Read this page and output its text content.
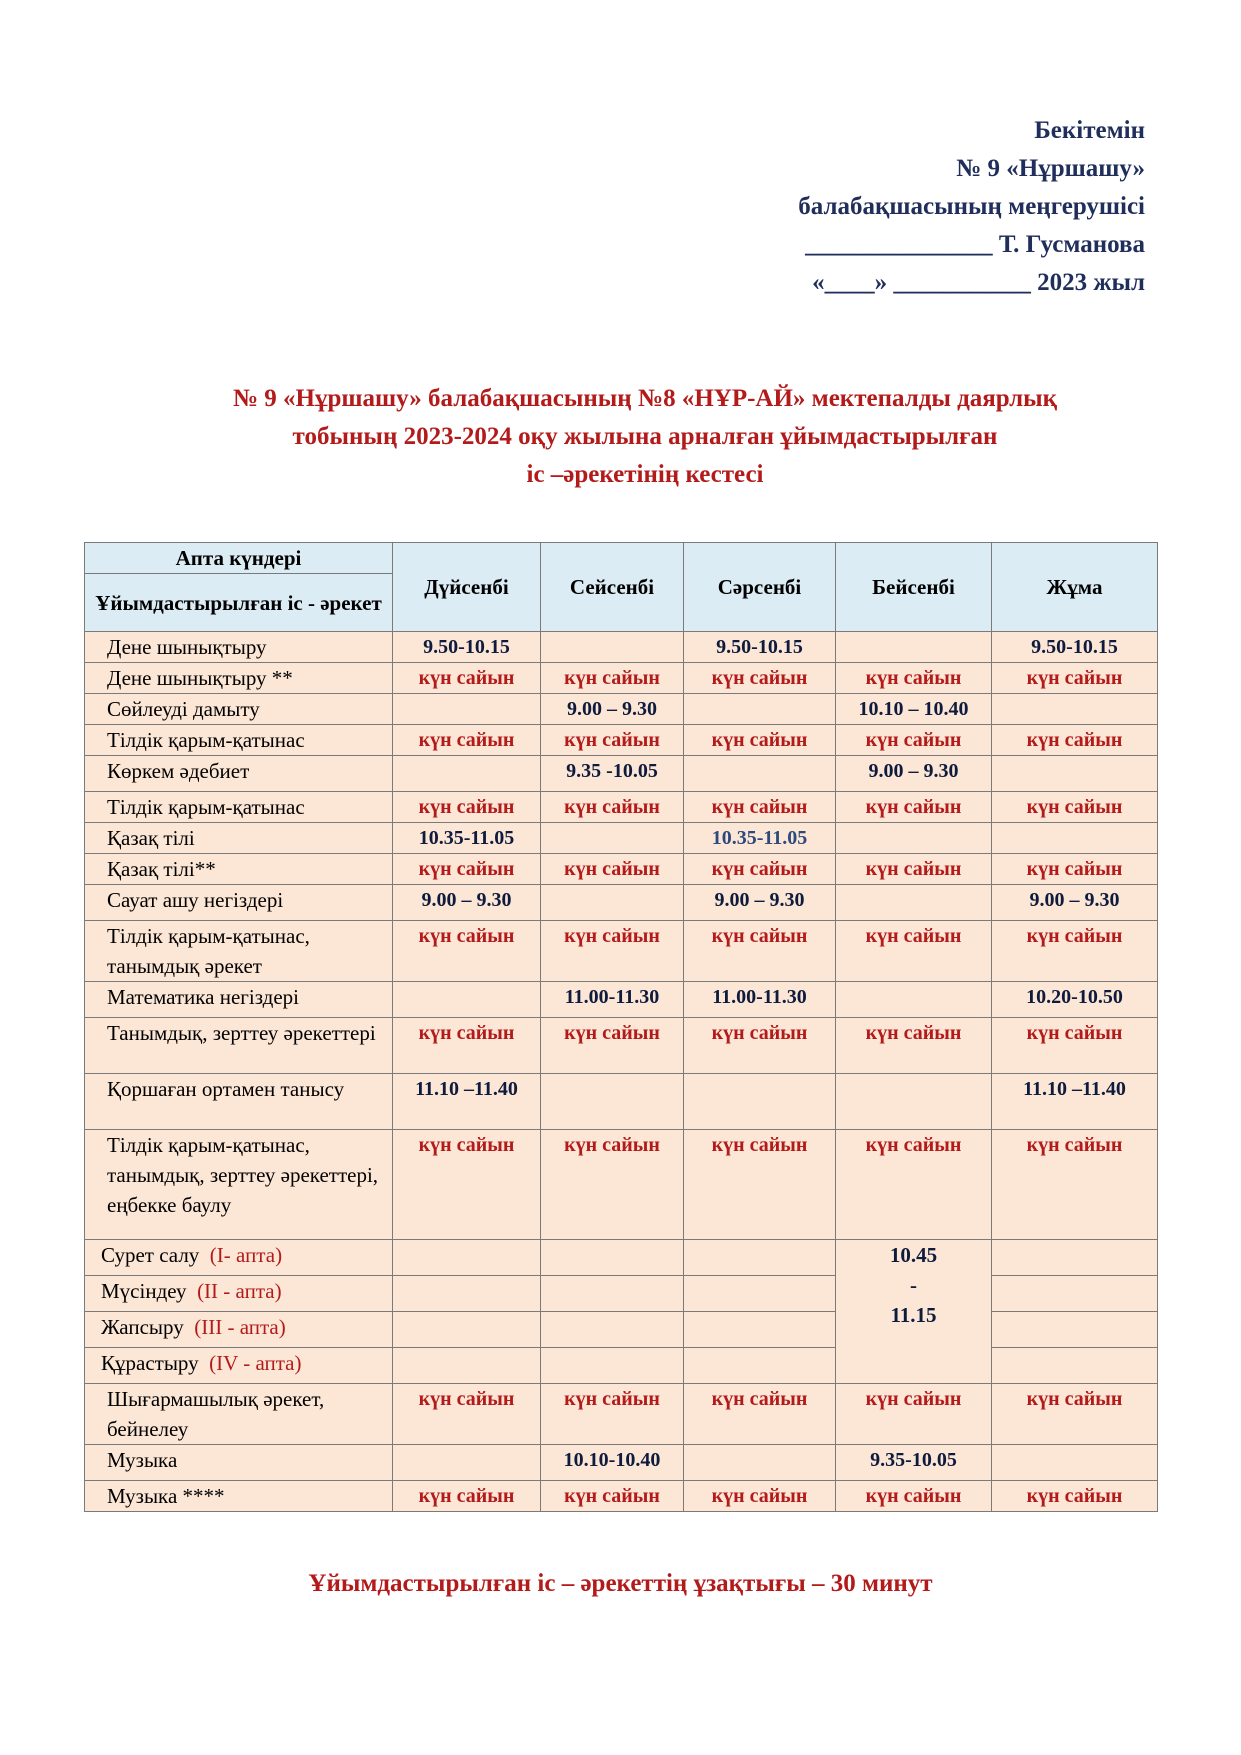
Бекітемін
№ 9 «Нұршашу»
балабақшасының меңгерушісі
_______________ Т. Гусманова
«____» ___________ 2023 жыл
№ 9 «Нұршашу» балабақшасының №8 «НҰР-АЙ» мектепалды даярлық
тобының 2023-2024 оқу жылына арналған ұйымдастырылған
іс –әрекетінің кестесі
Апта күндері	Дүйсенбі	Сейсенбі	Сәрсенбі	Бейсенбі	Жұма
Ұйымдастырылған іс - әрекет					
Дене шынықтыру	9.50-10.15		9.50-10.15		9.50-10.15
Дене шынықтыру **	күн сайын	күн сайын	күн сайын	күн сайын	күн сайын
Сөйлеуді дамыту		9.00 – 9.30		10.10 – 10.40	
Тілдік қарым-қатынас	күн сайын	күн сайын	күн сайын	күн сайын	күн сайын
Көркем әдебиет		9.35 -10.05		9.00 – 9.30	
Тілдік қарым-қатынас	күн сайын	күн сайын	күн сайын	күн сайын	күн сайын
Қазақ тілі	10.35-11.05		10.35-11.05		
Қазақ тілі**	күн сайын	күн сайын	күн сайын	күн сайын	күн сайын
Сауат ашу негіздері	9.00 – 9.30		9.00 – 9.30		9.00 – 9.30
Тілдік қарым-қатынас, танымдық әрекет	күн сайын	күн сайын	күн сайын	күн сайын	күн сайын
Математика негіздері		11.00-11.30	11.00-11.30		10.20-10.50
Танымдық, зерттеу әрекеттері	күн сайын	күн сайын	күн сайын	күн сайын	күн сайын
Қоршаған ортамен танысу	11.10 –11.40				11.10 –11.40
Тілдік қарым-қатынас, танымдық, зерттеу әрекеттері, еңбекке баулу	күн сайын	күн сайын	күн сайын	күн сайын	күн сайын
Сурет салу (І- апта)				10.45
-
11.15	

Мүсіндеу (ІІ - апта)					
Жапсыру (ІІІ - апта)					
Құрастыру (IV - апта)					
Шығармашылық әрекет, бейнелеу	күн сайын	күн сайын	күн сайын	күн сайын	күн сайын
Музыка		10.10-10.40		9.35-10.05	
Музыка ****	күн сайын	күн сайын	күн сайын	күн сайын	күн сайын
Ұйымдастырылған іс – әрекеттің ұзақтығы – 30 минут
